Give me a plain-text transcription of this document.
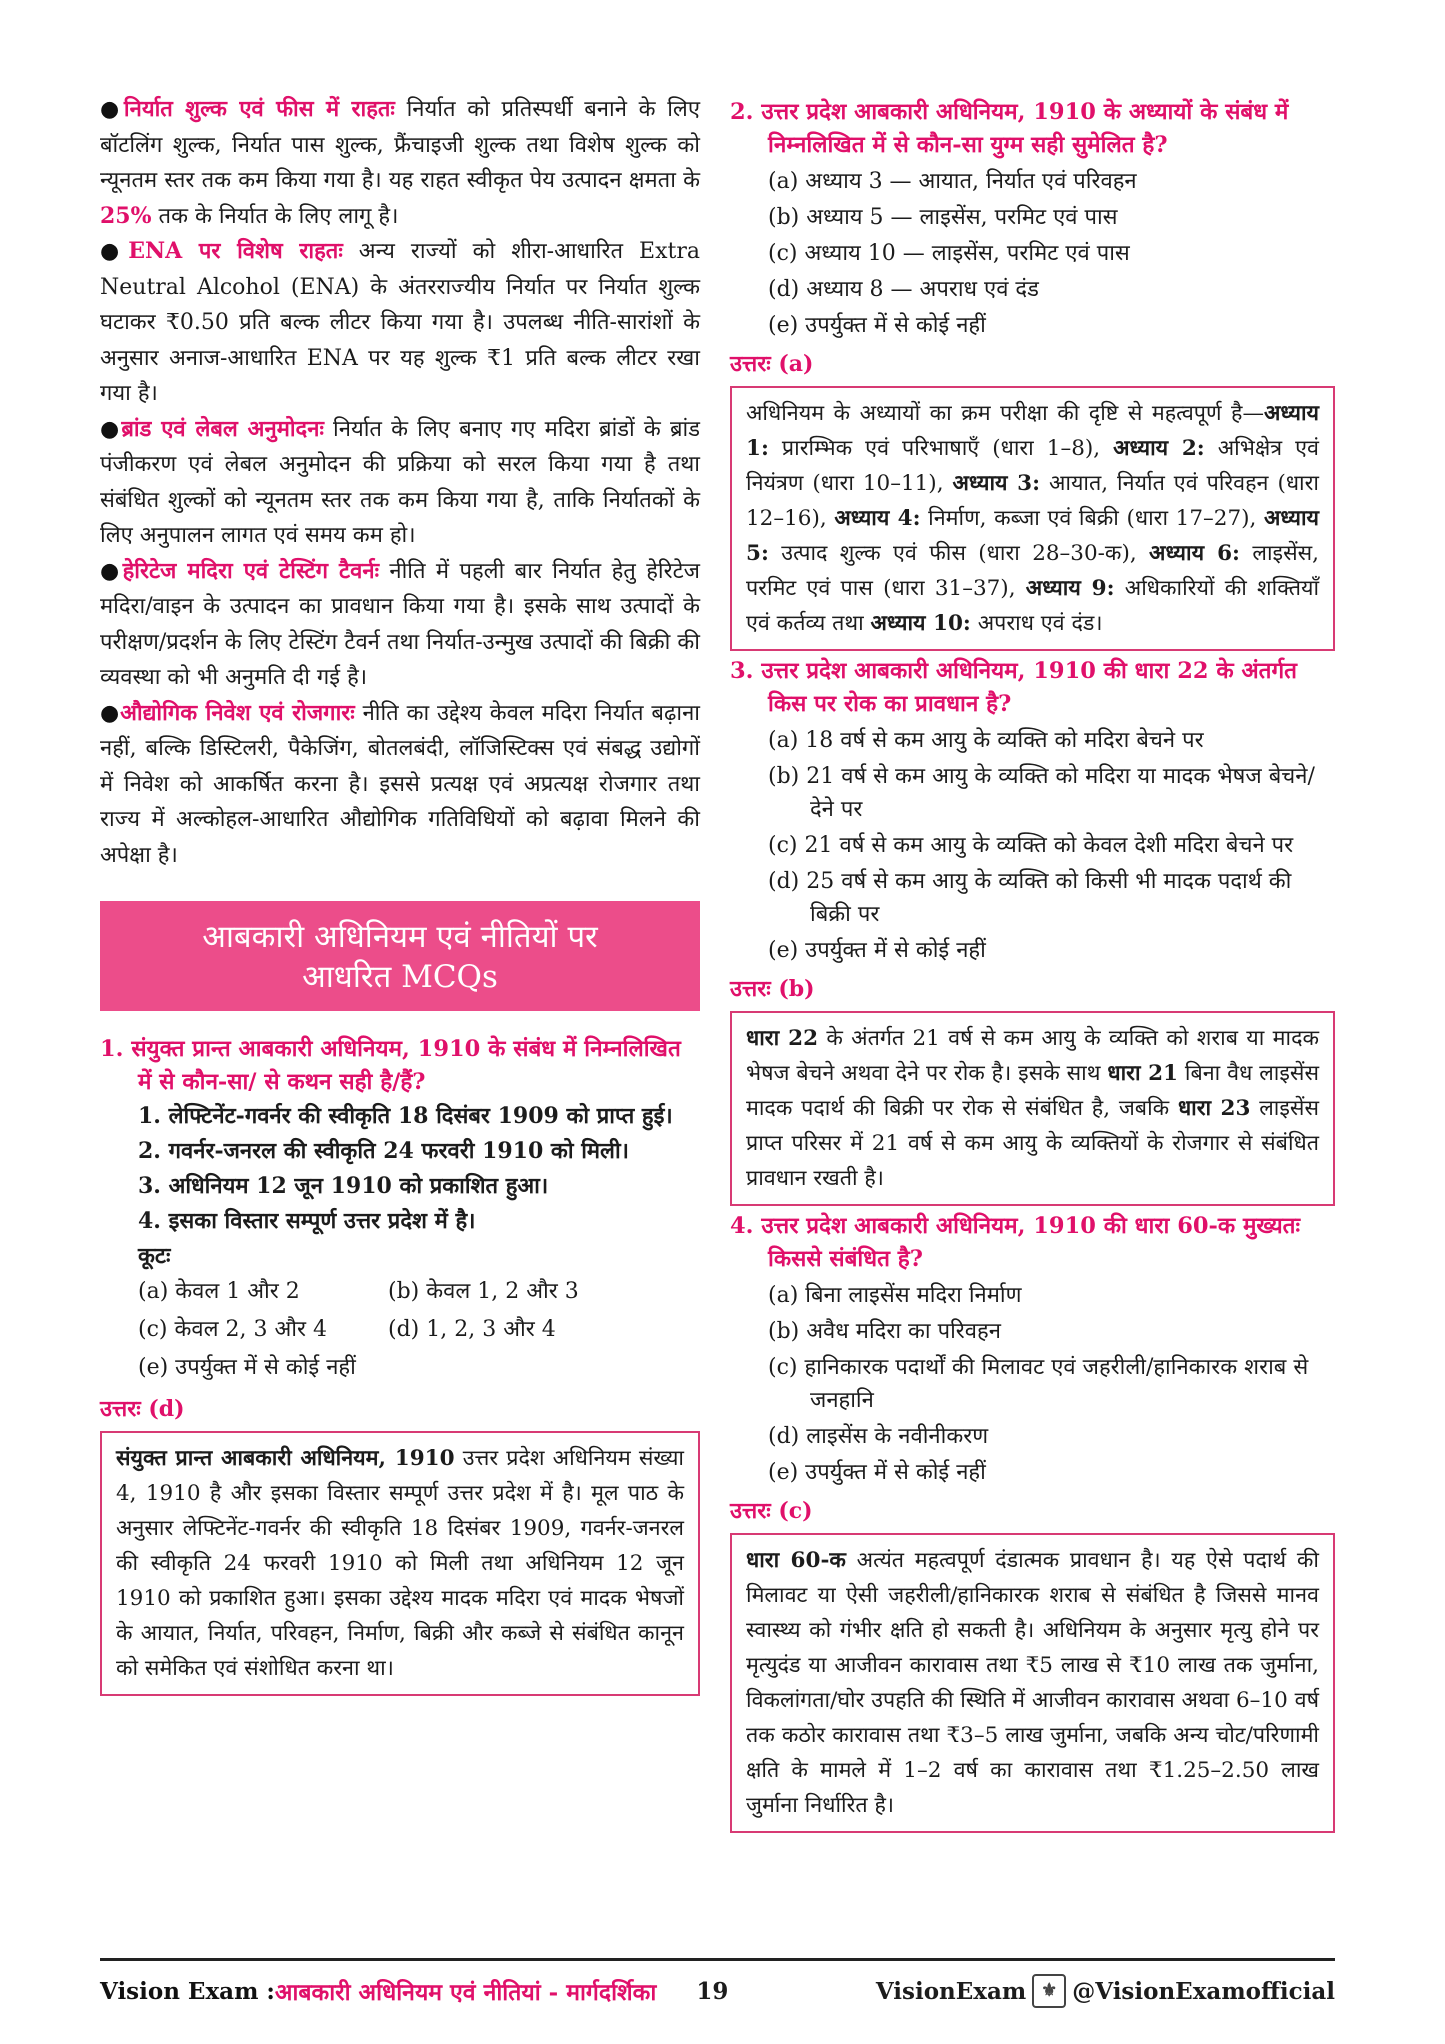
●निर्यात शुल्क एवं फीस में राहतः निर्यात को प्रतिस्पर्धी बनाने के लिए बॉटलिंग शुल्क, निर्यात पास शुल्क, फ्रैंचाइजी शुल्क तथा विशेष शुल्क को न्यूनतम स्तर तक कम किया गया है। यह राहत स्वीकृत पेय उत्पादन क्षमता के 25% तक के निर्यात के लिए लागू है।

●ENA पर विशेष राहतः अन्य राज्यों को शीरा-आधारित Extra Neutral Alcohol (ENA) के अंतरराज्यीय निर्यात पर निर्यात शुल्क घटाकर ₹0.50 प्रति बल्क लीटर किया गया है। उपलब्ध नीति-सारांशों के अनुसार अनाज-आधारित ENA पर यह शुल्क ₹1 प्रति बल्क लीटर रखा गया है।

●ब्रांड एवं लेबल अनुमोदनः निर्यात के लिए बनाए गए मदिरा ब्रांडों के ब्रांड पंजीकरण एवं लेबल अनुमोदन की प्रक्रिया को सरल किया गया है तथा संबंधित शुल्कों को न्यूनतम स्तर तक कम किया गया है, ताकि निर्यातकों के लिए अनुपालन लागत एवं समय कम हो।

●हेरिटेज मदिरा एवं टेस्टिंग टैवर्नः नीति में पहली बार निर्यात हेतु हेरिटेज मदिरा/वाइन के उत्पादन का प्रावधान किया गया है। इसके साथ उत्पादों के परीक्षण/प्रदर्शन के लिए टेस्टिंग टैवर्न तथा निर्यात-उन्मुख उत्पादों की बिक्री की व्यवस्था को भी अनुमति दी गई है।

●औद्योगिक निवेश एवं रोजगारः नीति का उद्देश्य केवल मदिरा निर्यात बढ़ाना नहीं, बल्कि डिस्टिलरी, पैकेजिंग, बोतलबंदी, लॉजिस्टिक्स एवं संबद्ध उद्योगों में निवेश को आकर्षित करना है। इससे प्रत्यक्ष एवं अप्रत्यक्ष रोजगार तथा राज्य में अल्कोहल-आधारित औद्योगिक गतिविधियों को बढ़ावा मिलने की अपेक्षा है।

आबकारी अधिनियम एवं नीतियों पर
आधरित MCQs

1. संयुक्त प्रान्त आबकारी अधिनियम, 1910 के संबंध में निम्नलिखित में से कौन-सा/ से कथन सही है/हैं?

1. लेफ्टिनेंट-गवर्नर की स्वीकृति 18 दिसंबर 1909 को प्राप्त हुई।

2. गवर्नर-जनरल की स्वीकृति 24 फरवरी 1910 को मिली।

3. अधिनियम 12 जून 1910 को प्रकाशित हुआ।

4. इसका विस्तार सम्पूर्ण उत्तर प्रदेश में है।

कूटः

(a) केवल 1 और 2	(b) केवल 1, 2 और 3
(c) केवल 2, 3 और 4	(d) 1, 2, 3 और 4

(e) उपर्युक्त में से कोई नहीं

उत्तरः (d)

संयुक्त प्रान्त आबकारी अधिनियम, 1910 उत्तर प्रदेश अधिनियम संख्या 4, 1910 है और इसका विस्तार सम्पूर्ण उत्तर प्रदेश में है। मूल पाठ के अनुसार लेफ्टिनेंट-गवर्नर की स्वीकृति 18 दिसंबर 1909, गवर्नर-जनरल की स्वीकृति 24 फरवरी 1910 को मिली तथा अधिनियम 12 जून 1910 को प्रकाशित हुआ। इसका उद्देश्य मादक मदिरा एवं मादक भेषजों के आयात, निर्यात, परिवहन, निर्माण, बिक्री और कब्जे से संबंधित कानून को समेकित एवं संशोधित करना था।

2. उत्तर प्रदेश आबकारी अधिनियम, 1910 के अध्यायों के संबंध में निम्नलिखित में से कौन-सा युग्म सही सुमेलित है?

(a) अध्याय 3 — आयात, निर्यात एवं परिवहन

(b) अध्याय 5 — लाइसेंस, परमिट एवं पास

(c) अध्याय 10 — लाइसेंस, परमिट एवं पास

(d) अध्याय 8 — अपराध एवं दंड

(e) उपर्युक्त में से कोई नहीं

उत्तरः (a)

अधिनियम के अध्यायों का क्रम परीक्षा की दृष्टि से महत्वपूर्ण है—अध्याय 1: प्रारम्भिक एवं परिभाषाएँ (धारा 1–8), अध्याय 2: अभिक्षेत्र एवं नियंत्रण (धारा 10–11), अध्याय 3: आयात, निर्यात एवं परिवहन (धारा 12–16), अध्याय 4: निर्माण, कब्जा एवं बिक्री (धारा 17–27), अध्याय 5: उत्पाद शुल्क एवं फीस (धारा 28–30-क), अध्याय 6: लाइसेंस, परमिट एवं पास (धारा 31–37), अध्याय 9: अधिकारियों की शक्तियाँ एवं कर्तव्य तथा अध्याय 10: अपराध एवं दंड।

3. उत्तर प्रदेश आबकारी अधिनियम, 1910 की धारा 22 के अंतर्गत किस पर रोक का प्रावधान है?

(a) 18 वर्ष से कम आयु के व्यक्ति को मदिरा बेचने पर

(b) 21 वर्ष से कम आयु के व्यक्ति को मदिरा या मादक भेषज बेचने/देने पर

(c) 21 वर्ष से कम आयु के व्यक्ति को केवल देशी मदिरा बेचने पर

(d) 25 वर्ष से कम आयु के व्यक्ति को किसी भी मादक पदार्थ की बिक्री पर

(e) उपर्युक्त में से कोई नहीं

उत्तरः (b)

धारा 22 के अंतर्गत 21 वर्ष से कम आयु के व्यक्ति को शराब या मादक भेषज बेचने अथवा देने पर रोक है। इसके साथ धारा 21 बिना वैध लाइसेंस मादक पदार्थ की बिक्री पर रोक से संबंधित है, जबकि धारा 23 लाइसेंस प्राप्त परिसर में 21 वर्ष से कम आयु के व्यक्तियों के रोजगार से संबंधित प्रावधान रखती है।

4. उत्तर प्रदेश आबकारी अधिनियम, 1910 की धारा 60-क मुख्यतः किससे संबंधित है?

(a) बिना लाइसेंस मदिरा निर्माण

(b) अवैध मदिरा का परिवहन

(c) हानिकारक पदार्थों की मिलावट एवं जहरीली/हानिकारक शराब से जनहानि

(d) लाइसेंस के नवीनीकरण

(e) उपर्युक्त में से कोई नहीं

उत्तरः (c)

धारा 60-क अत्यंत महत्वपूर्ण दंडात्मक प्रावधान है। यह ऐसे पदार्थ की मिलावट या ऐसी जहरीली/हानिकारक शराब से संबंधित है जिससे मानव स्वास्थ्य को गंभीर क्षति हो सकती है। अधिनियम के अनुसार मृत्यु होने पर मृत्युदंड या आजीवन कारावास तथा ₹5 लाख से ₹10 लाख तक जुर्माना, विकलांगता/घोर उपहति की स्थिति में आजीवन कारावास अथवा 6–10 वर्ष तक कठोर कारावास तथा ₹3–5 लाख जुर्माना, जबकि अन्य चोट/परिणामी क्षति के मामले में 1–2 वर्ष का कारावास तथा ₹1.25–2.50 लाख जुर्माना निर्धारित है।
Vision Exam : आबकारी अधिनियम एवं नीतियां - मार्गदर्शिका 19	VisionExam ⚜ @VisionExamofficial
